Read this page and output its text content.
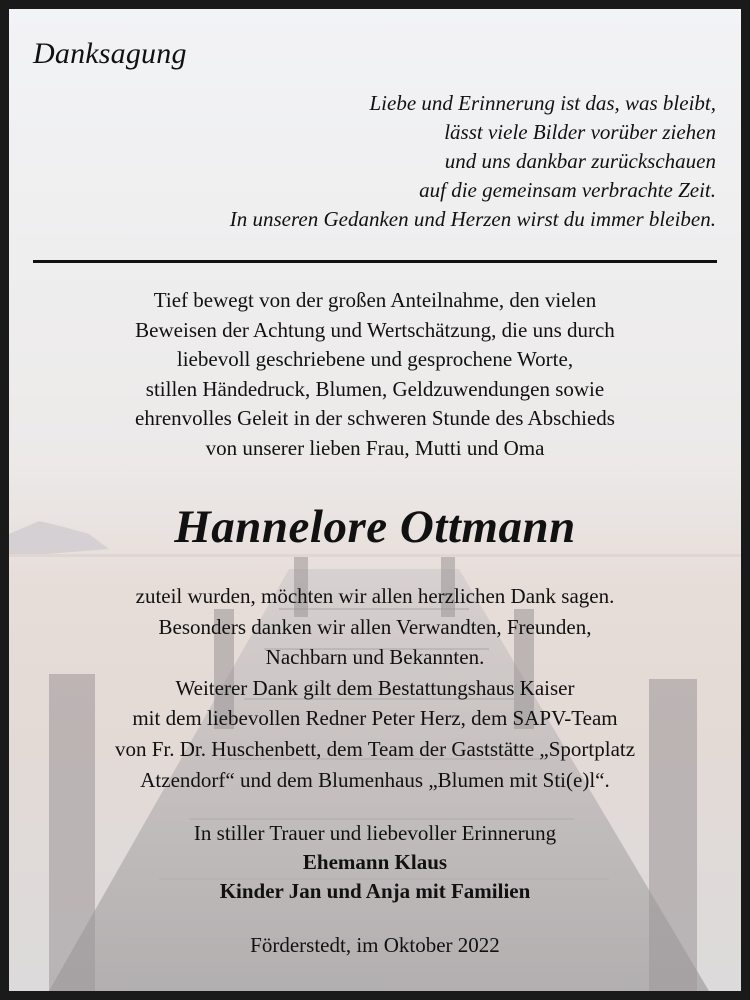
Danksagung
Liebe und Erinnerung ist das, was bleibt,
lässt viele Bilder vorüber ziehen
und uns dankbar zurückschauen
auf die gemeinsam verbrachte Zeit.
In unseren Gedanken und Herzen wirst du immer bleiben.
Tief bewegt von der großen Anteilnahme, den vielen
Beweisen der Achtung und Wertschätzung, die uns durch
liebevoll geschriebene und gesprochene Worte,
stillen Händedruck, Blumen, Geldzuwendungen sowie
ehrenvolles Geleit in der schweren Stunde des Abschieds
von unserer lieben Frau, Mutti und Oma
Hannelore Ottmann
zuteil wurden, möchten wir allen herzlichen Dank sagen.
Besonders danken wir allen Verwandten, Freunden,
Nachbarn und Bekannten.
Weiterer Dank gilt dem Bestattungshaus Kaiser
mit dem liebevollen Redner Peter Herz, dem SAPV-Team
von Fr. Dr. Huschenbett, dem Team der Gaststätte „Sportplatz
Atzendorf“ und dem Blumenhaus „Blumen mit Sti(e)l“.
In stiller Trauer und liebevoller Erinnerung
Ehemann Klaus
Kinder Jan und Anja mit Familien
Förderstedt, im Oktober 2022
